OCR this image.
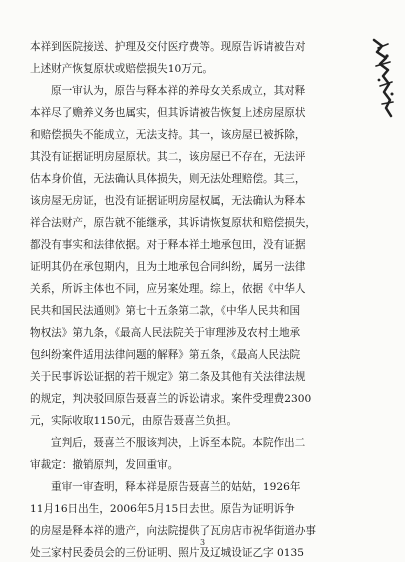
本祥到医院接送、护理及交付医疗费等。现原告诉请被告对
上述财产恢复原状或赔偿损失10万元。
原一审认为，原告与释本祥的养母女关系成立，其对释
本祥尽了赡养义务也属实，但其诉请被告恢复上述房屋原状
和赔偿损失不能成立，无法支持。其一，该房屋已被拆除，
其没有证据证明房屋原状。其二，该房屋已不存在，无法评
估本身价值，无法确认具体损失，则无法处理赔偿。其三，
该房屋无房证，也没有证据证明房屋权属，无法确认为释本
祥合法财产，原告就不能继承，其诉请恢复原状和赔偿损失，
都没有事实和法律依据。对于释本祥土地承包田，没有证据
证明其仍在承包期内，且为土地承包合同纠纷，属另一法律
关系，所诉主体也不同，应另案处理。综上，依据《中华人
民共和国民法通则》第七十五条第二款，《中华人民共和国
物权法》第九条，《最高人民法院关于审理涉及农村土地承
包纠纷案件适用法律问题的解释》第五条，《最高人民法院
关于民事诉讼证据的若干规定》第二条及其他有关法律法规
的规定，判决驳回原告聂喜兰的诉讼请求。案件受理费2300
元，实际收取1150元，由原告聂喜兰负担。
宣判后，聂喜兰不服该判决，上诉至本院。本院作出二
审裁定：撤销原判，发回重审。
重审一审查明，释本祥是原告聂喜兰的姑姑，1926年
11月16日出生，2006年5月15日去世。原告为证明诉争
的房屋是释本祥的遗产，向法院提供了瓦房店市祝华街道办事
处三家村民委员会的三份证明、照片及辽城设证乙字 0135
3
